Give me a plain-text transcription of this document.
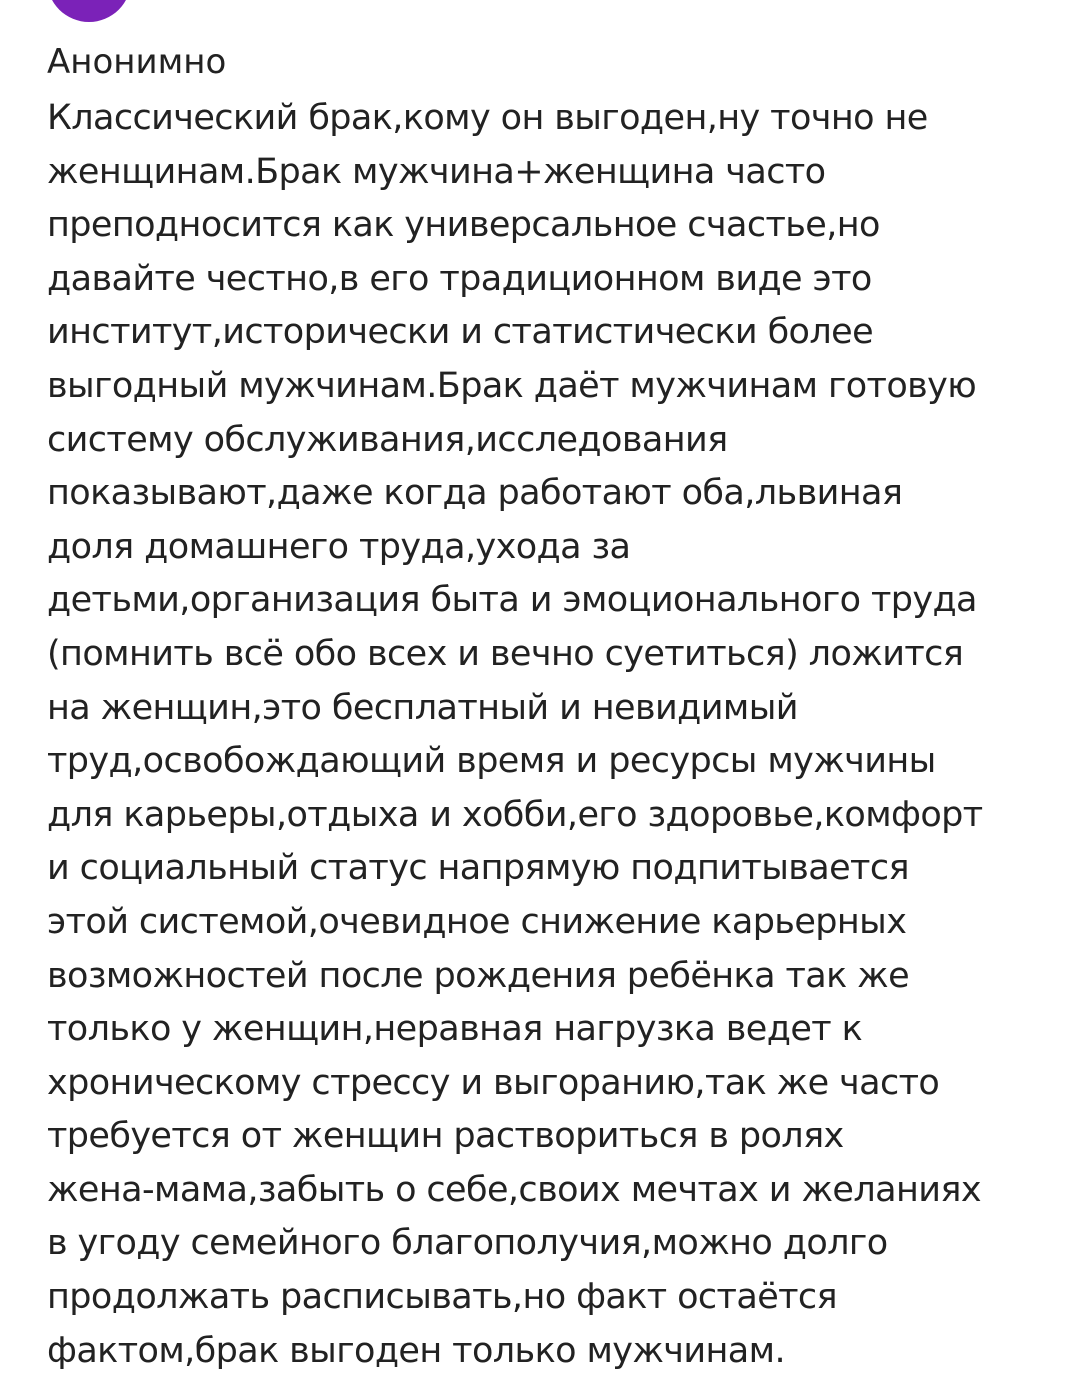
Анонимно
Классический брак,кому он выгоден,ну точно не
женщинам.Брак мужчина+женщина часто
преподносится как универсальное счастье,но
давайте честно,в его традиционном виде это
институт,исторически и статистически более
выгодный мужчинам.Брак даёт мужчинам готовую
систему обслуживания,исследования
показывают,даже когда работают оба,львиная
доля домашнего труда,ухода за
детьми,организация быта и эмоционального труда
(помнить всё обо всех и вечно суетиться) ложится
на женщин,это бесплатный и невидимый
труд,освобождающий время и ресурсы мужчины
для карьеры,отдыха и хобби,его здоровье,комфорт
и социальный статус напрямую подпитывается
этой системой,очевидное снижение карьерных
возможностей после рождения ребёнка так же
только у женщин,неравная нагрузка ведет к
хроническому стрессу и выгоранию,так же часто
требуется от женщин раствориться в ролях
жена-мама,забыть о себе,своих мечтах и желаниях
в угоду семейного благополучия,можно долго
продолжать расписывать,но факт остаётся
фактом,брак выгоден только мужчинам.
